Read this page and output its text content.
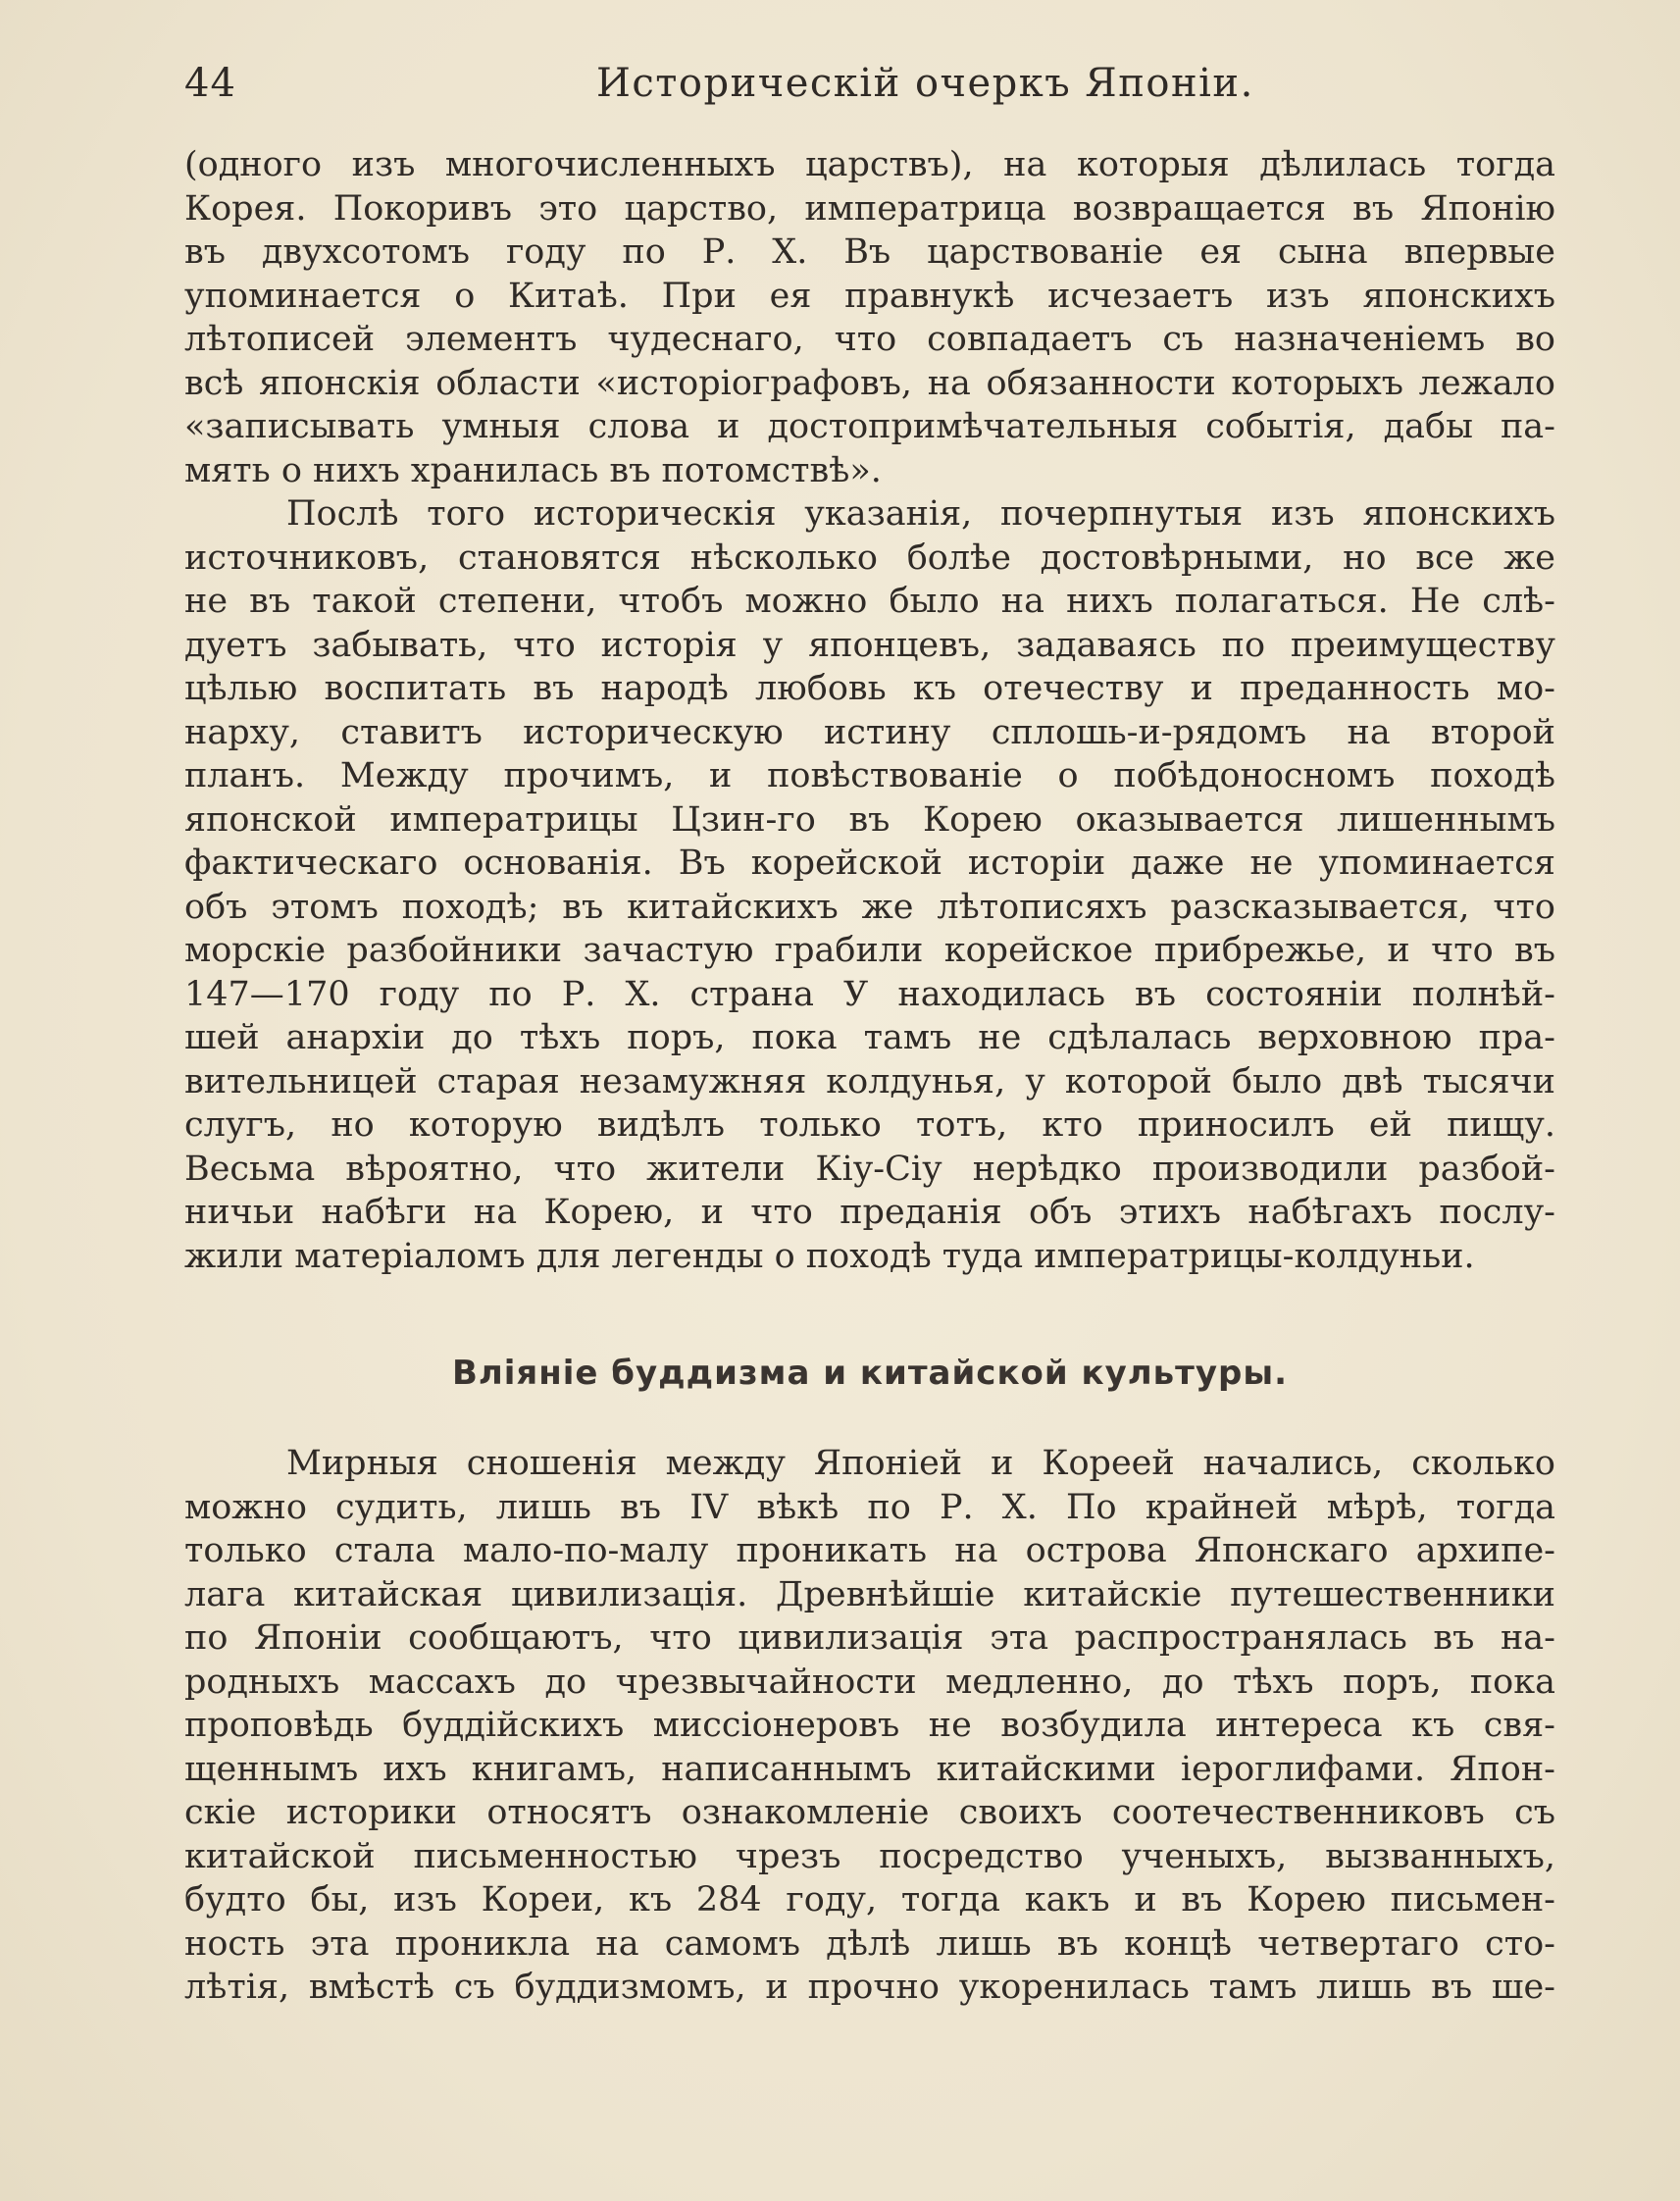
44	Историческій очеркъ Японіи.
(одного изъ многочисленныхъ царствъ), на которыя дѣлилась тогда
Корея. Покоривъ это царство, императрица возвращается въ Японію
въ двухсотомъ году по Р. Х. Въ царствованіе ея сына впервые
упоминается о Китаѣ. При ея правнукѣ исчезаетъ изъ японскихъ
лѣтописей элементъ чудеснаго, что совпадаетъ съ назначеніемъ во
всѣ японскія области «исторіографовъ, на обязанности которыхъ лежало
«записывать умныя слова и достопримѣчательныя событія, дабы па-
мять о нихъ хранилась въ потомствѣ».
Послѣ того историческія указанія, почерпнутыя изъ японскихъ
источниковъ, становятся нѣсколько болѣе достовѣрными, но все же
не въ такой степени, чтобъ можно было на нихъ полагаться. Не слѣ-
дуетъ забывать, что исторія у японцевъ, задаваясь по преимуществу
цѣлью воспитать въ народѣ любовь къ отечеству и преданность мо-
нарху, ставитъ историческую истину сплошь-и-рядомъ на второй
планъ. Между прочимъ, и повѣствованіе о побѣдоносномъ походѣ
японской императрицы Цзин-го въ Корею оказывается лишеннымъ
фактическаго основанія. Въ корейской исторіи даже не упоминается
объ этомъ походѣ; въ китайскихъ же лѣтописяхъ разсказывается, что
морскіе разбойники зачастую грабили корейское прибрежье, и что въ
147—170 году по Р. Х. страна У находилась въ состояніи полнѣй-
шей анархіи до тѣхъ поръ, пока тамъ не сдѣлалась верховною пра-
вительницей старая незамужняя колдунья, у которой было двѣ тысячи
слугъ, но которую видѣлъ только тотъ, кто приносилъ ей пищу.
Весьма вѣроятно, что жители Кіу-Сіу нерѣдко производили разбой-
ничьи набѣги на Корею, и что преданія объ этихъ набѣгахъ послу-
жили матеріаломъ для легенды о походѣ туда императрицы-колдуньи.
Вліяніе буддизма и китайской культуры.
Мирныя сношенія между Японіей и Кореей начались, сколько
можно судить, лишь въ IV вѣкѣ по Р. Х. По крайней мѣрѣ, тогда
только стала мало-по-малу проникать на острова Японскаго архипе-
лага китайская цивилизація. Древнѣйшіе китайскіе путешественники
по Японіи сообщаютъ, что цивилизація эта распространялась въ на-
родныхъ массахъ до чрезвычайности медленно, до тѣхъ поръ, пока
проповѣдь буддійскихъ миссіонеровъ не возбудила интереса къ свя-
щеннымъ ихъ книгамъ, написаннымъ китайскими іероглифами. Япон-
скіе историки относятъ ознакомленіе своихъ соотечественниковъ съ
китайской письменностью чрезъ посредство ученыхъ, вызванныхъ,
будто бы, изъ Кореи, къ 284 году, тогда какъ и въ Корею письмен-
ность эта проникла на самомъ дѣлѣ лишь въ концѣ четвертаго сто-
лѣтія, вмѣстѣ съ буддизмомъ, и прочно укоренилась тамъ лишь въ ше-
